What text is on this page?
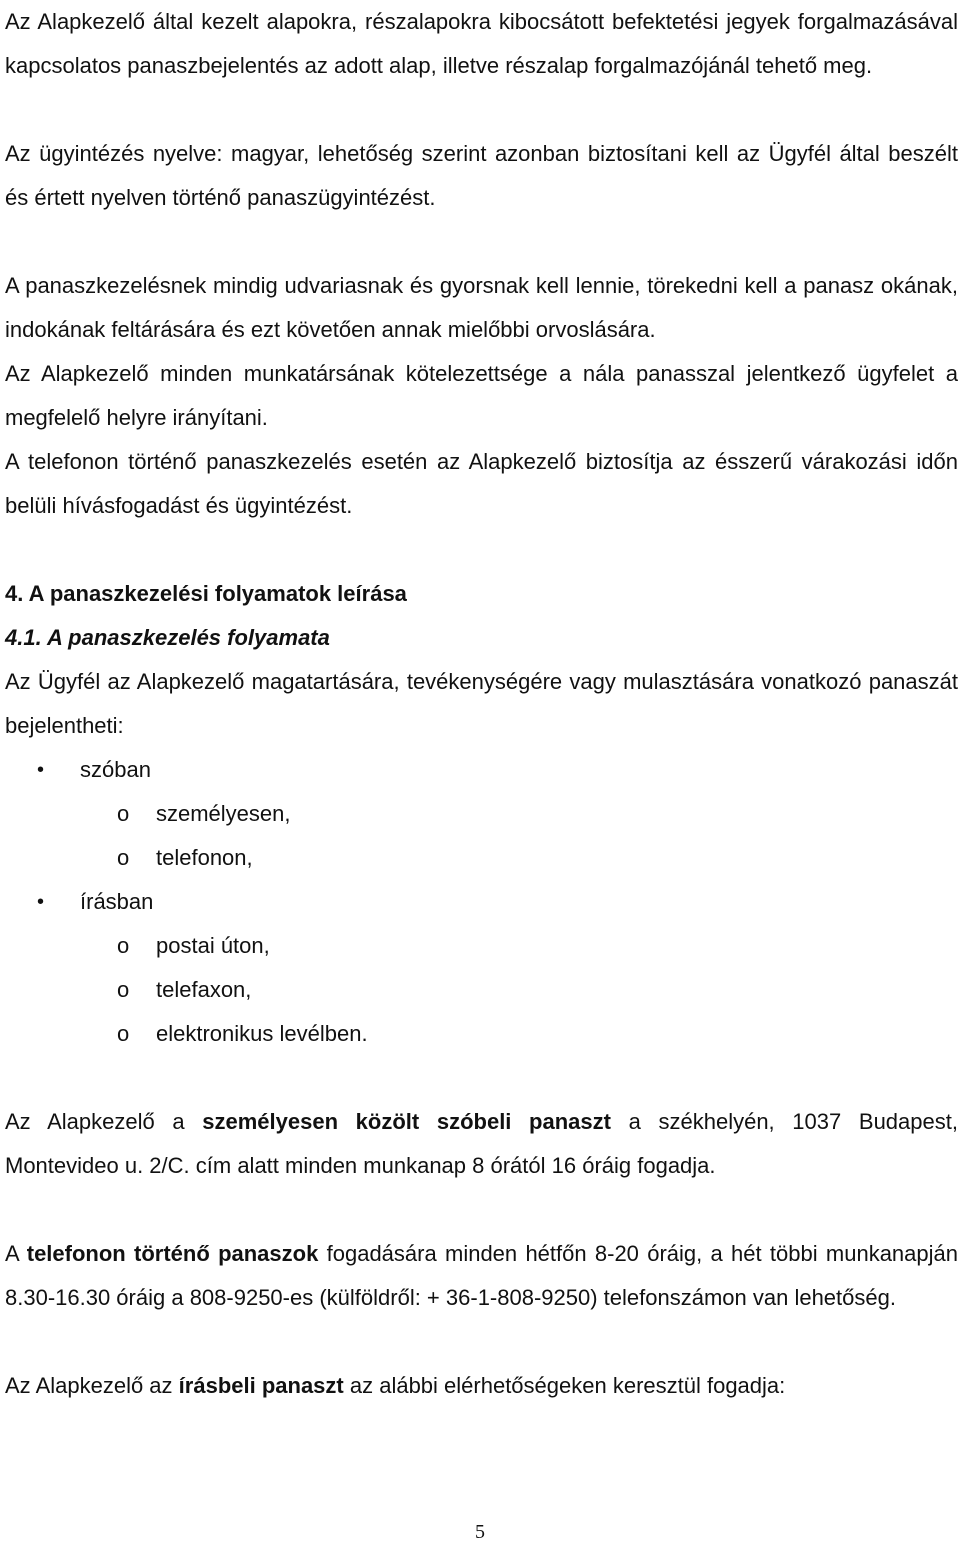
Az Alapkezelő által kezelt alapokra, részalapokra kibocsátott befektetési jegyek forgalmazásával kapcsolatos panaszbejelentés az adott alap, illetve részalap forgalmazójánál tehető meg.

Az ügyintézés nyelve: magyar, lehetőség szerint azonban biztosítani kell az Ügyfél által beszélt és értett nyelven történő panaszügyintézést.

A panaszkezelésnek mindig udvariasnak és gyorsnak kell lennie, törekedni kell a panasz okának, indokának feltárására és ezt követően annak mielőbbi orvoslására.

Az Alapkezelő minden munkatársának kötelezettsége a nála panasszal jelentkező ügyfelet a megfelelő helyre irányítani.

A telefonon történő panaszkezelés esetén az Alapkezelő biztosítja az ésszerű várakozási időn belüli hívásfogadást és ügyintézést.

4. A panaszkezelési folyamatok leírása
4.1. A panaszkezelés folyamata

Az Ügyfél az Alapkezelő magatartására, tevékenységére vagy mulasztására vonatkozó panaszát bejelentheti:

• szóban
o személyesen,
o telefonon,
• írásban
o postai úton,
o telefaxon,
o elektronikus levélben.

Az Alapkezelő a személyesen közölt szóbeli panaszt a székhelyén, 1037 Budapest, Montevideo u. 2/C. cím alatt minden munkanap 8 órától 16 óráig fogadja.

A telefonon történő panaszok fogadására minden hétfőn 8-20 óráig, a hét többi munkanapján 8.30-16.30 óráig a 808-9250-es (külföldről: + 36-1-808-9250) telefonszámon van lehetőség.

Az Alapkezelő az írásbeli panaszt az alábbi elérhetőségeken keresztül fogadja:

5
